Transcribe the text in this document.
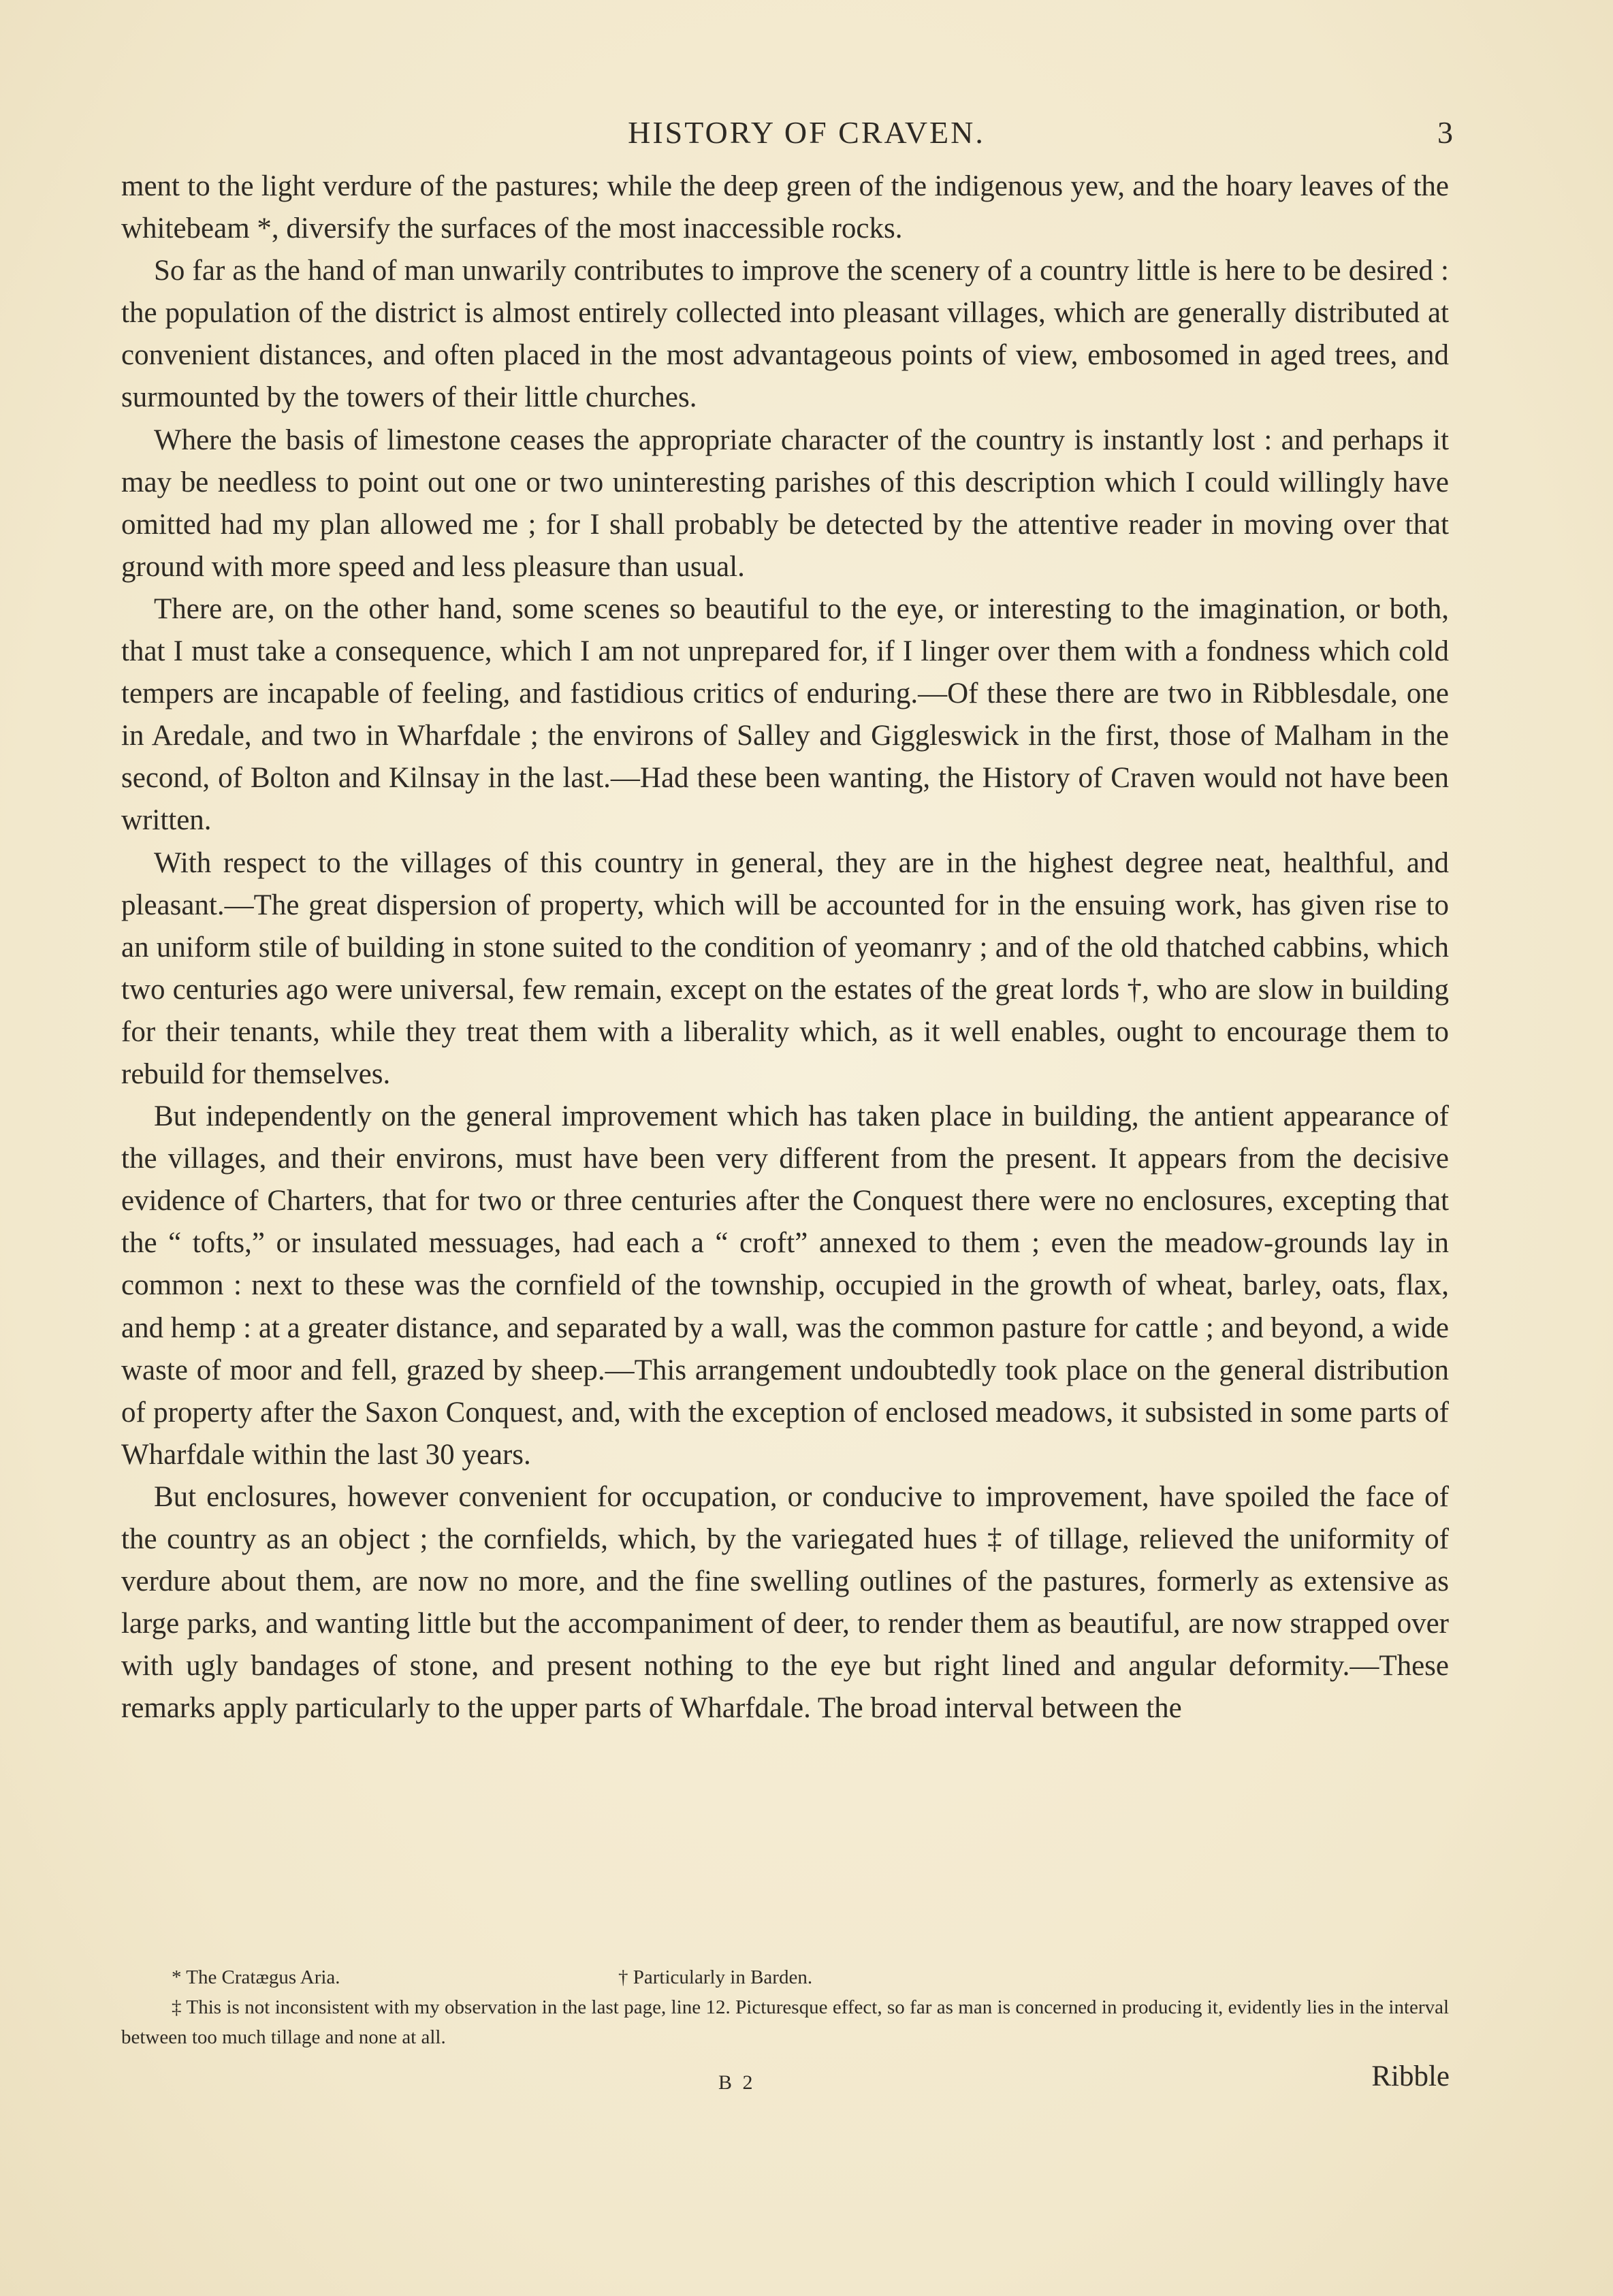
HISTORY OF CRAVEN.	3

ment to the light verdure of the pastures; while the deep green of the indigenous yew, and the hoary leaves of the whitebeam *, diversify the surfaces of the most inaccessible rocks.

So far as the hand of man unwarily contributes to improve the scenery of a country little is here to be desired : the population of the district is almost entirely collected into pleasant villages, which are generally distributed at convenient distances, and often placed in the most advantageous points of view, embosomed in aged trees, and surmounted by the towers of their little churches.

Where the basis of limestone ceases the appropriate character of the country is instantly lost : and perhaps it may be needless to point out one or two uninteresting parishes of this description which I could willingly have omitted had my plan allowed me ; for I shall probably be detected by the attentive reader in moving over that ground with more speed and less pleasure than usual.

There are, on the other hand, some scenes so beautiful to the eye, or interesting to the imagination, or both, that I must take a consequence, which I am not unprepared for, if I linger over them with a fondness which cold tempers are incapable of feeling, and fastidious critics of enduring.—Of these there are two in Ribblesdale, one in Aredale, and two in Wharfdale ; the environs of Salley and Giggleswick in the first, those of Malham in the second, of Bolton and Kilnsay in the last.—Had these been wanting, the History of Craven would not have been written.

With respect to the villages of this country in general, they are in the highest degree neat, healthful, and pleasant.—The great dispersion of property, which will be accounted for in the ensuing work, has given rise to an uniform stile of building in stone suited to the condition of yeomanry ; and of the old thatched cabbins, which two centuries ago were universal, few remain, except on the estates of the great lords †, who are slow in building for their tenants, while they treat them with a liberality which, as it well enables, ought to encourage them to rebuild for themselves.

But independently on the general improvement which has taken place in building, the antient appearance of the villages, and their environs, must have been very different from the present. It appears from the decisive evidence of Charters, that for two or three centuries after the Conquest there were no enclosures, excepting that the “ tofts,” or insulated messuages, had each a “ croft” annexed to them ; even the meadow-grounds lay in common : next to these was the cornfield of the township, occupied in the growth of wheat, barley, oats, flax, and hemp : at a greater distance, and separated by a wall, was the common pasture for cattle ; and beyond, a wide waste of moor and fell, grazed by sheep.—This arrangement undoubtedly took place on the general distribution of property after the Saxon Conquest, and, with the exception of enclosed meadows, it subsisted in some parts of Wharfdale within the last 30 years.

But enclosures, however convenient for occupation, or conducive to improvement, have spoiled the face of the country as an object ; the cornfields, which, by the variegated hues ‡ of tillage, relieved the uniformity of verdure about them, are now no more, and the fine swelling outlines of the pastures, formerly as extensive as large parks, and wanting little but the accompaniment of deer, to render them as beautiful, are now strapped over with ugly bandages of stone, and present nothing to the eye but right lined and angular deformity.—These remarks apply particularly to the upper parts of Wharfdale. The broad interval between the

* The Cratægus Aria.	† Particularly in Barden.

‡ This is not inconsistent with my observation in the last page, line 12. Picturesque effect, so far as man is concerned in producing it, evidently lies in the interval between too much tillage and none at all.

B 2	Ribble
